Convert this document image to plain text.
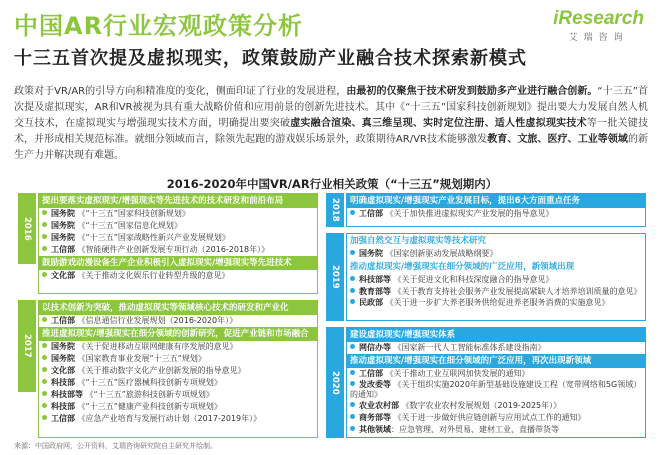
中国AR行业宏观政策分析	iResearch
艾瑞咨询
十三五首次提及虚拟现实，政策鼓励产业融合技术探索新模式
政策对于VR/AR的引导方向和精准度的变化，侧面印证了行业的发展进程，由最初的仅聚焦于技术研发到鼓励多产业进行融合创新。“十三五”首次提及虚拟现实，AR和VR被视为具有重大战略价值和应用前景的创新先进技术。其中《“十三五”国家科技创新规划》提出要大力发展自然人机交互技术，在虚拟现实与增强现实技术方面，明确提出要突破虚实融合渲染、真三维呈现、实时定位注册、适人性虚拟现实技术等一批关键技术，并形成相关规范标准。就细分领域而言，除领先起跑的游戏娱乐场景外，政策期待AR/VR技术能够激发教育、文旅、医疗、工业等领域的新生产力并解决现有难题。
2016-2020年中国VR/AR行业相关政策（“十三五”规划期内）
2016
提出要落实虚拟现实/增强现实等先进技术的技术研发和前沿布局
国务院 《“十三五”国家科技创新规划》
国务院 《“十三五”国家信息化规划》
国务院 《“十三五”国家战略性新兴产业发展规划》
工信部 《智能硬件产业创新发展专项行动（2016-2018年）》
鼓励游戏动漫设备生产企业积极引入虚拟现实/增强现实等先进技术
文化部 《关于推动文化娱乐行业转型升级的意见》
2017
以技术创新为突破，推动虚拟现实等领域核心技术的研发和产业化
工信部 《信息通信行业发展规划（2016-2020年）》
推进虚拟现实/增强现实在细分领域的创新研究，促进产业链和市场融合
国务院 《关于促进移动互联网健康有序发展的意见》
国务院 《国家教育事业发展“十三五”规划》
文化部 《关于推动数字文化产业创新发展的指导意见》
科技部 《“十三五”医疗器械科技创新专项规划》
科技部等 《“十三五”旅游科技创新专项规划》
科技部 《“十三五”健康产业科技创新专项规划》
工信部 《应急产业培育与发展行动计划（2017-2019年）》
2018	明确虚拟现实/增强现实产业发展目标，提出6大方面重点任务
工信部 《关于加快推进虚拟现实产业发展的指导意见》
2019
加强自然交互与虚拟现实等技术研究
国务院 《国家创新驱动发展战略纲要》
推动虚拟现实/增强现实在细分领域的广泛应用，新领域出现
科技部等 《关于促进文化和科技深度融合的指导意见》
教育部等 《关于教育支持社会服务产业发展提高紧缺人才培养培训质量的意见》
民政部 《关于进一步扩大养老服务供给促进养老服务消费的实施意见》
2020
建设虚拟现实/增强现实体系
网信办等 《国家新一代人工智能标准体系建设指南》
推动虚拟现实/增强现实在细分领域的广泛应用，再次出现新领域
工信部 《关于推动工业互联网加快发展的通知》
发改委等 《关于组织实施2020年新型基础设施建设工程（宽带网络和5G领域）的通知》
农业农村部 《数字农业农村发展规划（2019-2025年）》
商务部等 《关于进一步做好供应链创新与应用试点工作的通知》
其他领域：应急管理、对外贸易、建材工业、直播带货等
来源：中国政府网，公开资料，艾瑞咨询研究院自主研究并绘制。
